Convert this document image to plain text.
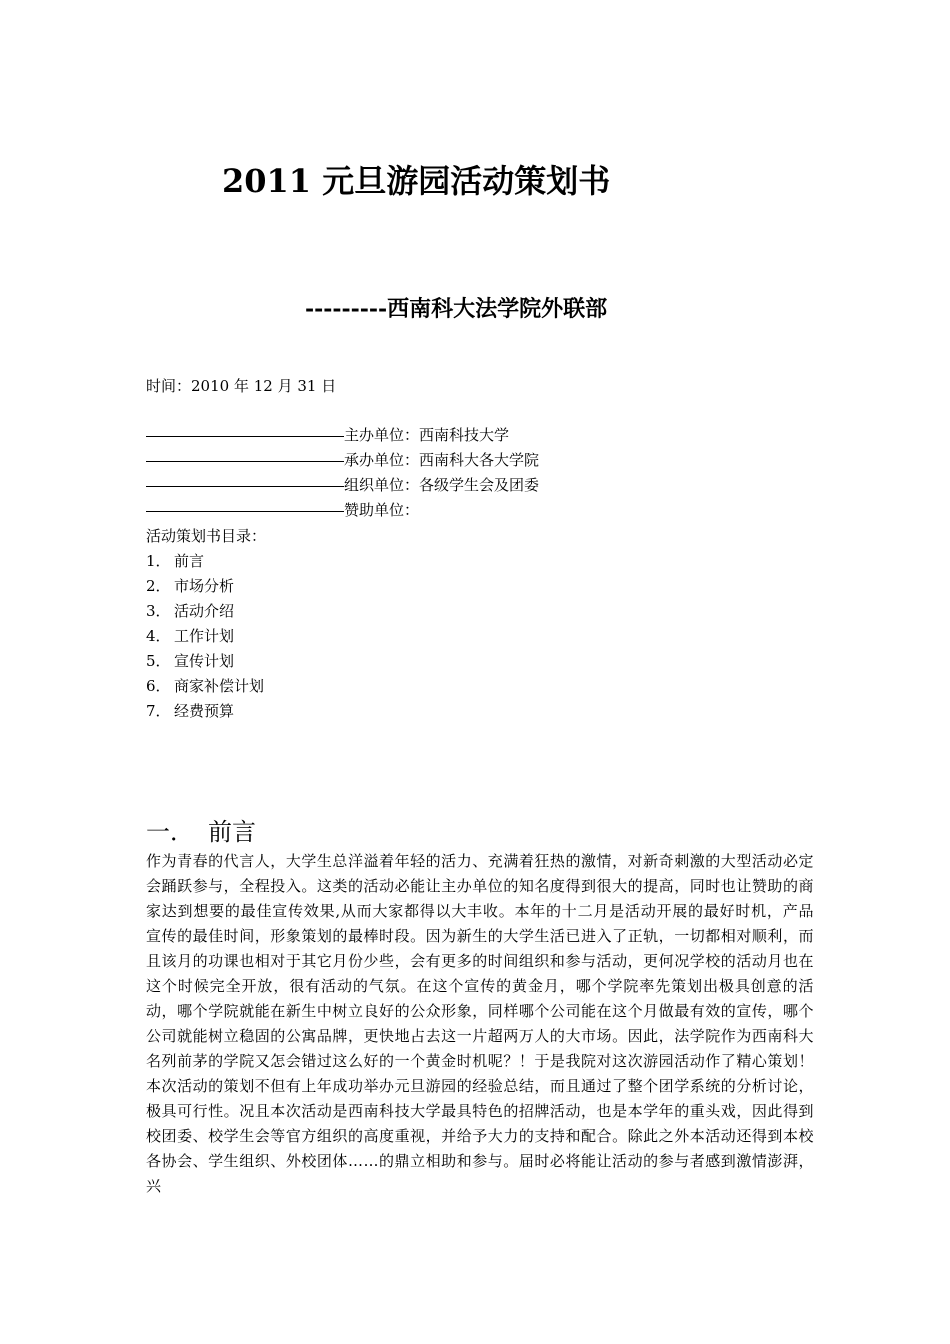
2011 元旦游园活动策划书
---------西南科大法学院外联部
时间：2010 年 12 月 31 日
主办单位：西南科技大学
承办单位：西南科大各大学院
组织单位：各级学生会及团委
赞助单位：
活动策划书目录：
1． 前言
2． 市场分析
3． 活动介绍
4． 工作计划
5． 宣传计划
6． 商家补偿计划
7． 经费预算
一． 前言
作为青春的代言人，大学生总洋溢着年轻的活力、充满着狂热的激情，对新奇刺激的大型活动必定会踊跃参与，全程投入。这类的活动必能让主办单位的知名度得到很大的提高，同时也让赞助的商家达到想要的最佳宣传效果,从而大家都得以大丰收。本年的十二月是活动开展的最好时机，产品宣传的最佳时间，形象策划的最棒时段。因为新生的大学生活已进入了正轨，一切都相对顺利，而且该月的功课也相对于其它月份少些，会有更多的时间组织和参与活动，更何况学校的活动月也在这个时候完全开放，很有活动的气氛。在这个宣传的黄金月，哪个学院率先策划出极具创意的活动，哪个学院就能在新生中树立良好的公众形象，同样哪个公司能在这个月做最有效的宣传，哪个公司就能树立稳固的公寓品牌，更快地占去这一片超两万人的大市场。因此，法学院作为西南科大名列前茅的学院又怎会错过这么好的一个黄金时机呢？！于是我院对这次游园活动作了精心策划！本次活动的策划不但有上年成功举办元旦游园的经验总结，而且通过了整个团学系统的分析讨论，极具可行性。况且本次活动是西南科技大学最具特色的招牌活动，也是本学年的重头戏，因此得到校团委、校学生会等官方组织的高度重视，并给予大力的支持和配合。除此之外本活动还得到本校各协会、学生组织、外校团体……的鼎立相助和参与。届时必将能让活动的参与者感到激情澎湃，兴
